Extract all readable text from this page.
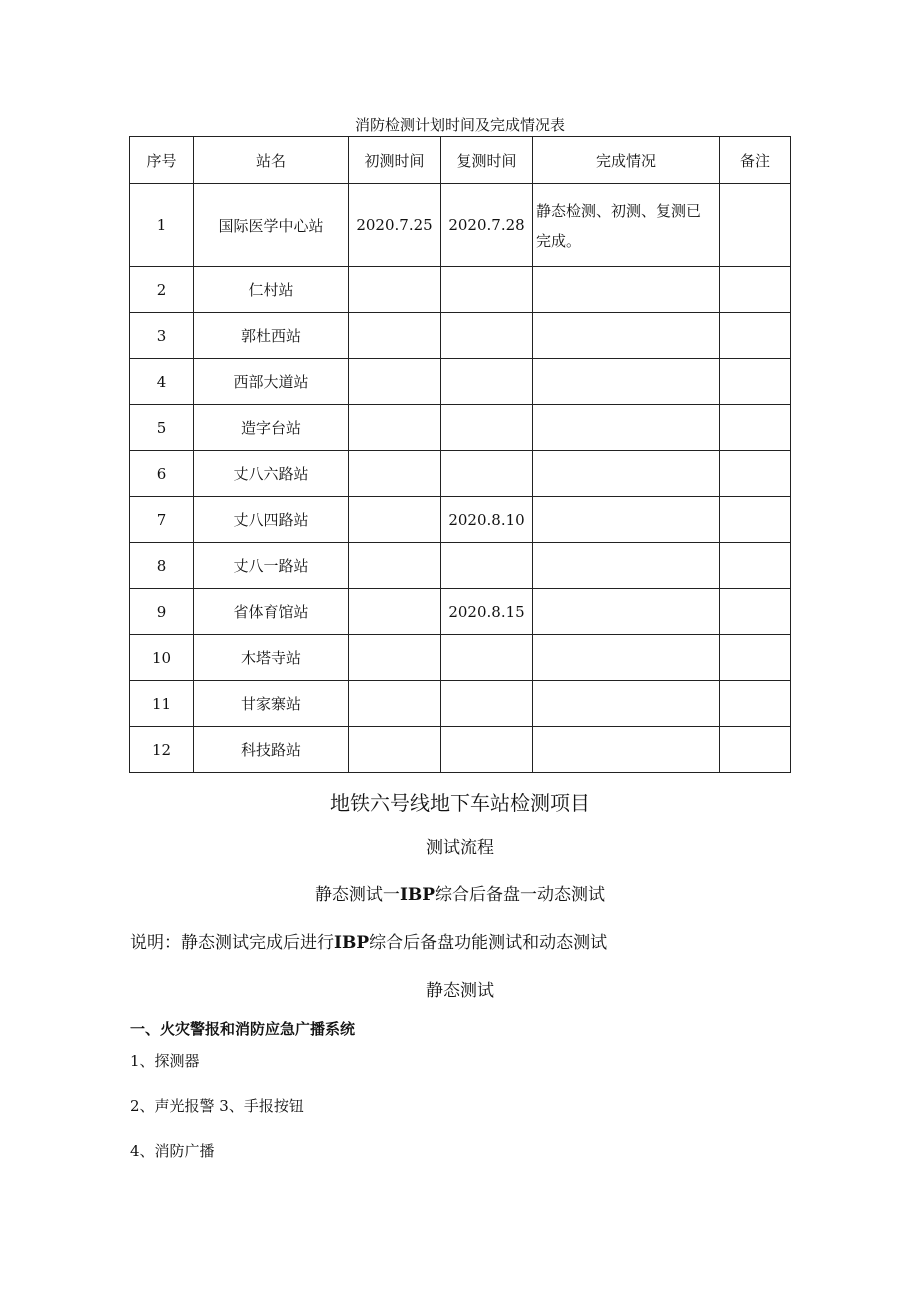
消防检测计划时间及完成情况表
序号	站名	初测时间	复测时间	完成情况	备注
1	国际医学中心站	2020.7.25	2020.7.28	静态检测、初测、复测已完成。	
2	仁村站				
3	郭杜西站				
4	西部大道站				
5	造字台站				
6	丈八六路站				
7	丈八四路站		2020.8.10		
8	丈八一路站				
9	省体育馆站		2020.8.15		
10	木塔寺站				
11	甘家寨站				
12	科技路站				
地铁六号线地下车站检测项目
测试流程
静态测试一IBP综合后备盘一动态测试
说明：静态测试完成后进行IBP综合后备盘功能测试和动态测试
静态测试
一、火灾警报和消防应急广播系统
1、探测器
2、声光报警 3、手报按钮
4、消防广播
